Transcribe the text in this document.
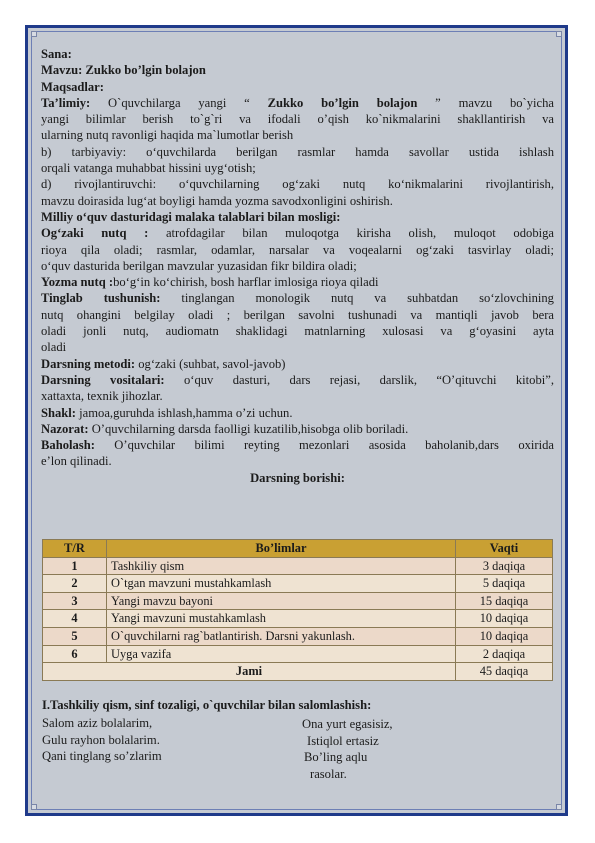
Sana:
Mavzu: Zukko bo’lgin bolajon
Maqsadlar:
Ta’limiy: O`quvchilarga yangi “ Zukko bo’lgin bolajon ” mavzu bo`yicha
yangi bilimlar berish to`g`ri va ifodali o’qish ko`nikmalarini shakllantirish va
ularning nutq ravonligi haqida ma`lumotlar berish
b) tarbiyaviy: o‘quvchilarda berilgan rasmlar hamda savollar ustida ishlash
orqali vatanga muhabbat hissini uyg‘otish;
d) rivojlantiruvchi: o‘quvchilarning og‘zaki nutq ko‘nikmalarini rivojlantirish,
mavzu doirasida lug‘at boyligi hamda yozma savodxonligini oshirish.
Milliy o‘quv dasturidagi malaka talablari bilan mosligi:
Og‘zaki nutq : atrofdagilar bilan muloqotga kirisha olish, muloqot odobiga
rioya qila oladi; rasmlar, odamlar, narsalar va voqealarni og‘zaki tasvirlay oladi;
o‘quv dasturida berilgan mavzular yuzasidan fikr bildira oladi;
Yozma nutq :bo‘g‘in ko‘chirish, bosh harflar imlosiga rioya qiladi
Tinglab tushunish: tinglangan monologik nutq va suhbatdan so‘zlovchining
nutq ohangini belgilay oladi ; berilgan savolni tushunadi va mantiqli javob bera
oladi jonli nutq, audiomatn shaklidagi matnlarning xulosasi va g‘oyasini ayta
oladi
Darsning metodi: og‘zaki (suhbat, savol-javob)
Darsning vositalari: o‘quv dasturi, dars rejasi, darslik, “O’qituvchi kitobi”,
xattaxta, texnik jihozlar.
Shakl: jamoa,guruhda ishlash,hamma o’zi uchun.
Nazorat: O’quvchilarning darsda faolligi kuzatilib,hisobga olib boriladi.
Baholash: O’quvchilar bilimi reyting mezonlari asosida baholanib,dars oxirida
e’lon qilinadi.
Darsning borishi:
T/R	Bo’limlar	Vaqti
1	Tashkiliy qism	3 daqiqa
2	O`tgan mavzuni mustahkamlash	5 daqiqa
3	Yangi mavzu bayoni	15 daqiqa
4	Yangi mavzuni mustahkamlash	10 daqiqa
5	O`quvchilarni rag`batlantirish. Darsni yakunlash.	10 daqiqa
6	Uyga vazifa	2 daqiqa
Jami		45 daqiqa
I.Tashkiliy qism, sinf tozaligi, o`quvchilar bilan salomlashish:
Salom aziz bolalarim,
Gulu rayhon bolalarim.
Qani tinglang so’zlarim
Ona yurt egasisiz,
Istiqlol ertasiz
Bo’ling aqlu
rasolar.
